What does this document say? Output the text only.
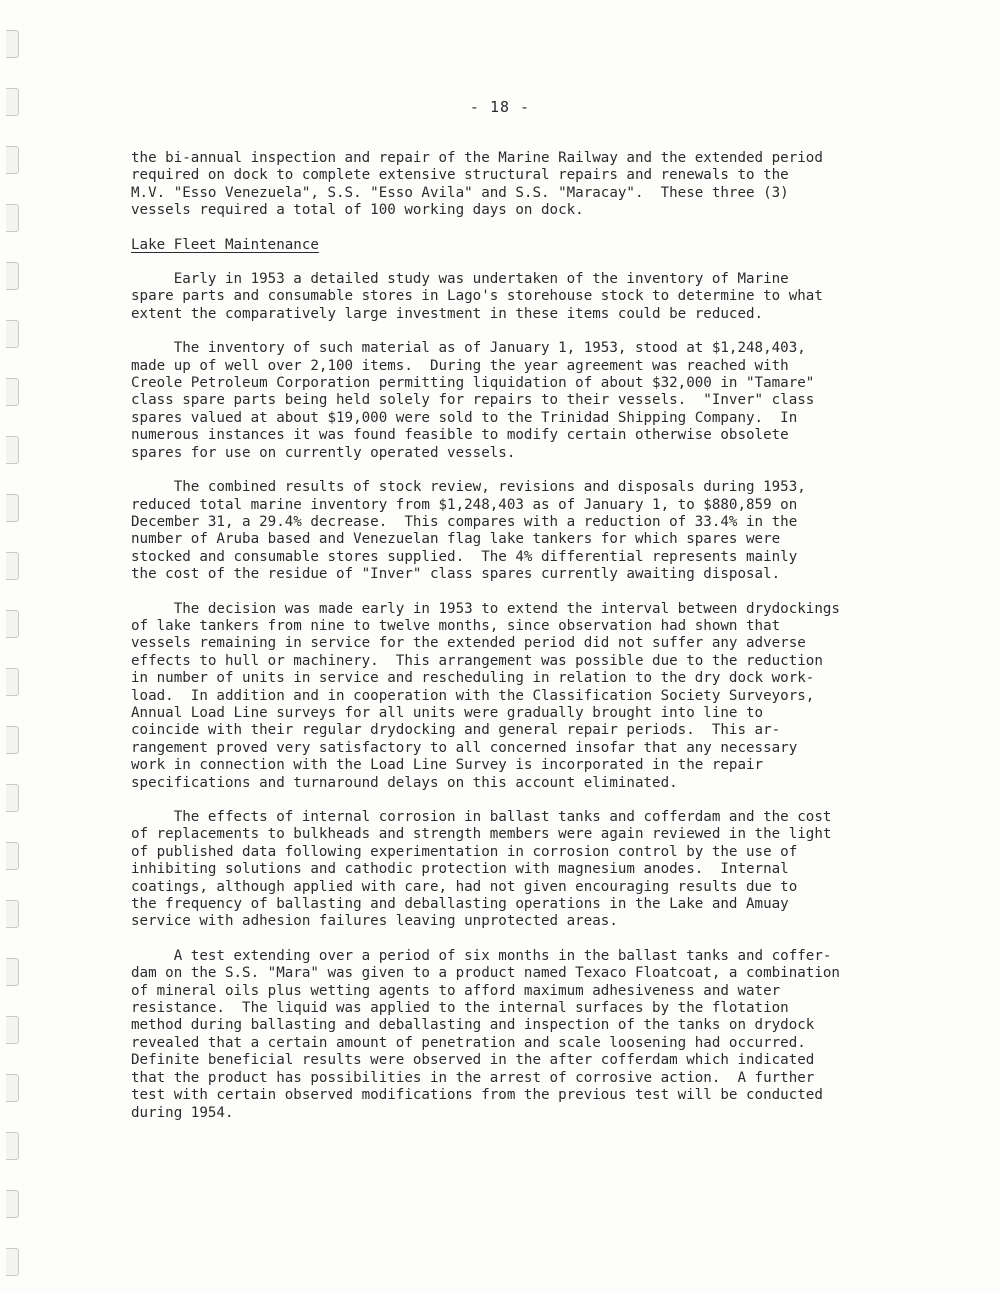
- 18 -
the bi-annual inspection and repair of the Marine Railway and the extended period
required on dock to complete extensive structural repairs and renewals to the
M.V. "Esso Venezuela", S.S. "Esso Avila" and S.S. "Maracay".  These three (3)
vessels required a total of 100 working days on dock.
Lake Fleet Maintenance
Early in 1953 a detailed study was undertaken of the inventory of Marine
spare parts and consumable stores in Lago's storehouse stock to determine to what
extent the comparatively large investment in these items could be reduced.
The inventory of such material as of January 1, 1953, stood at $1,248,403,
made up of well over 2,100 items.  During the year agreement was reached with
Creole Petroleum Corporation permitting liquidation of about $32,000 in "Tamare"
class spare parts being held solely for repairs to their vessels.  "Inver" class
spares valued at about $19,000 were sold to the Trinidad Shipping Company.  In
numerous instances it was found feasible to modify certain otherwise obsolete
spares for use on currently operated vessels.
The combined results of stock review, revisions and disposals during 1953,
reduced total marine inventory from $1,248,403 as of January 1, to $880,859 on
December 31, a 29.4% decrease.  This compares with a reduction of 33.4% in the
number of Aruba based and Venezuelan flag lake tankers for which spares were
stocked and consumable stores supplied.  The 4% differential represents mainly
the cost of the residue of "Inver" class spares currently awaiting disposal.
The decision was made early in 1953 to extend the interval between drydockings
of lake tankers from nine to twelve months, since observation had shown that
vessels remaining in service for the extended period did not suffer any adverse
effects to hull or machinery.  This arrangement was possible due to the reduction
in number of units in service and rescheduling in relation to the dry dock work-
load.  In addition and in cooperation with the Classification Society Surveyors,
Annual Load Line surveys for all units were gradually brought into line to
coincide with their regular drydocking and general repair periods.  This ar-
rangement proved very satisfactory to all concerned insofar that any necessary
work in connection with the Load Line Survey is incorporated in the repair
specifications and turnaround delays on this account eliminated.
The effects of internal corrosion in ballast tanks and cofferdam and the cost
of replacements to bulkheads and strength members were again reviewed in the light
of published data following experimentation in corrosion control by the use of
inhibiting solutions and cathodic protection with magnesium anodes.  Internal
coatings, although applied with care, had not given encouraging results due to
the frequency of ballasting and deballasting operations in the Lake and Amuay
service with adhesion failures leaving unprotected areas.
A test extending over a period of six months in the ballast tanks and coffer-
dam on the S.S. "Mara" was given to a product named Texaco Floatcoat, a combination
of mineral oils plus wetting agents to afford maximum adhesiveness and water
resistance.  The liquid was applied to the internal surfaces by the flotation
method during ballasting and deballasting and inspection of the tanks on drydock
revealed that a certain amount of penetration and scale loosening had occurred.
Definite beneficial results were observed in the after cofferdam which indicated
that the product has possibilities in the arrest of corrosive action.  A further
test with certain observed modifications from the previous test will be conducted
during 1954.
